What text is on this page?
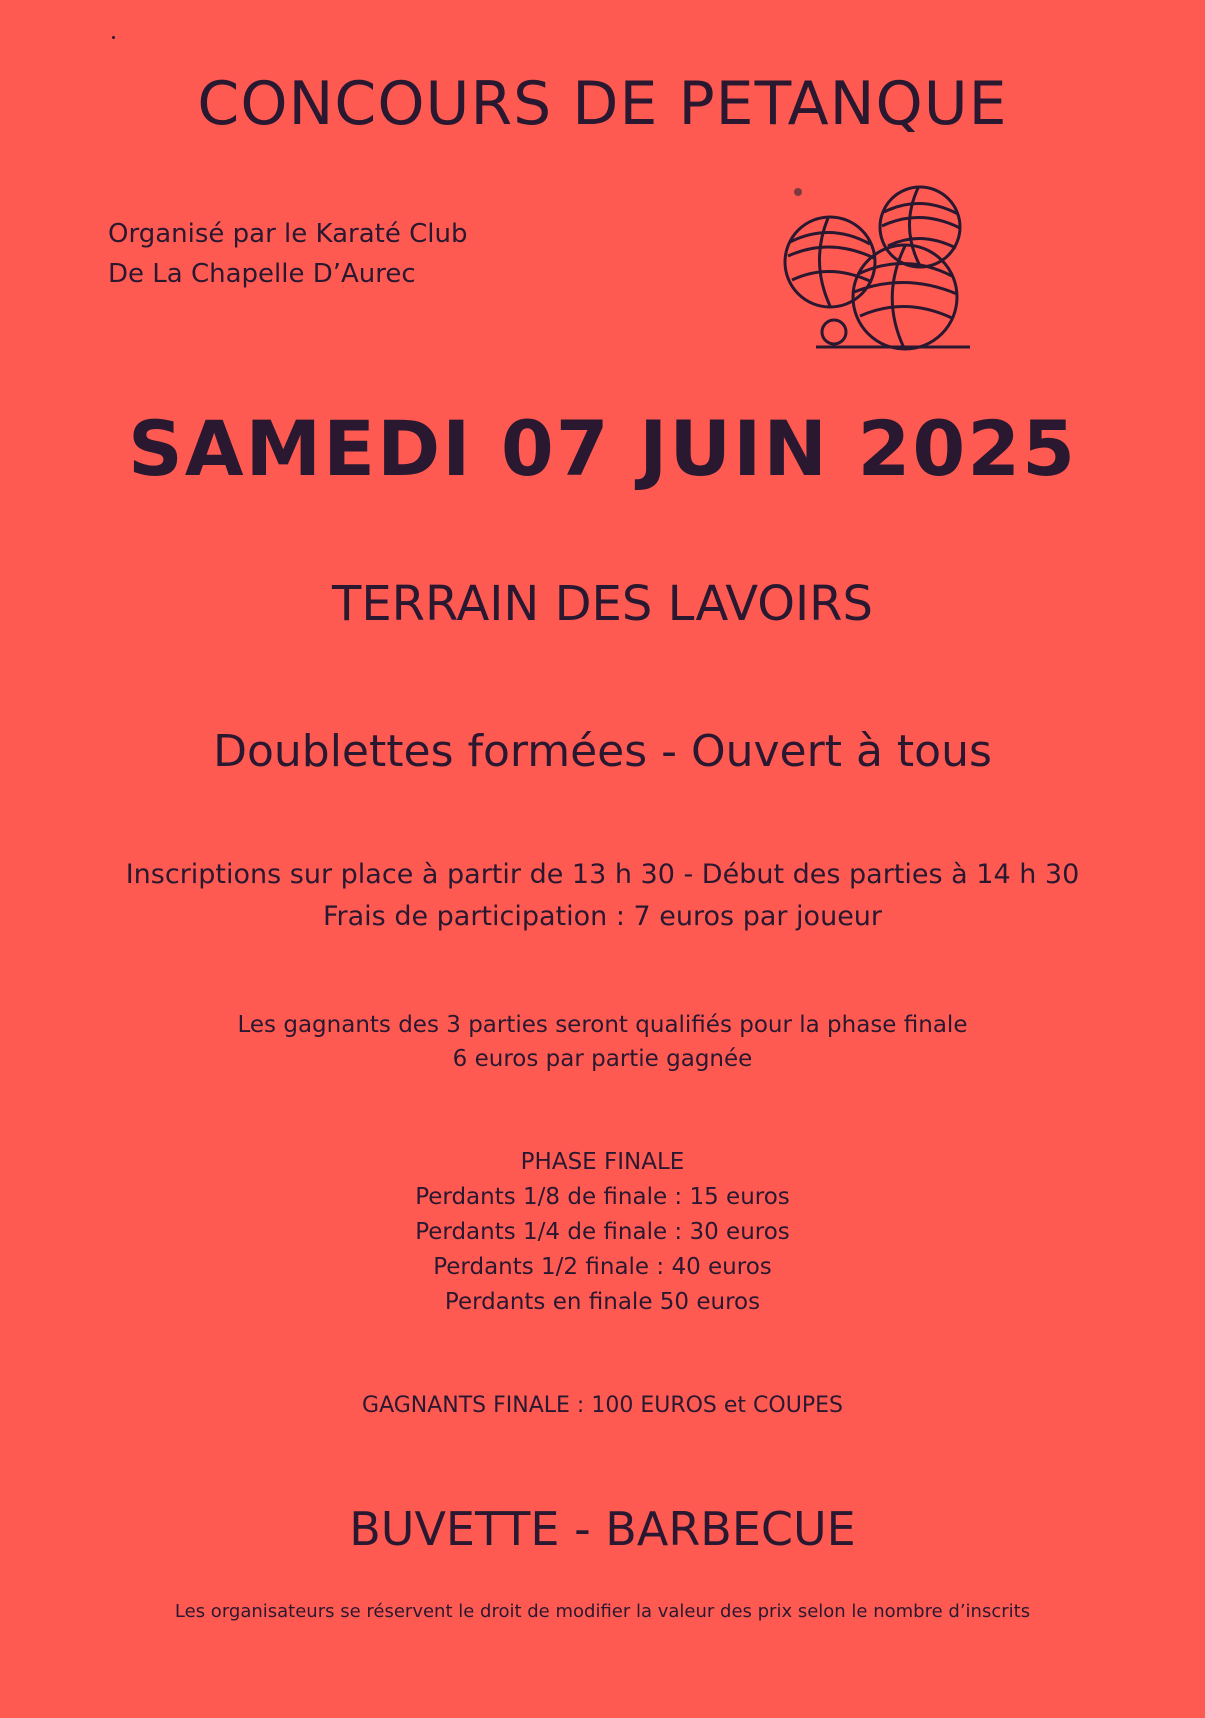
CONCOURS DE PETANQUE
Organisé par le Karaté Club
De La Chapelle D’Aurec
SAMEDI 07 JUIN 2025
TERRAIN DES LAVOIRS
Doublettes formées - Ouvert à tous
Inscriptions sur place à partir de 13 h 30 - Début des parties à 14 h 30
Frais de participation : 7 euros par joueur
Les gagnants des 3 parties seront qualifiés pour la phase finale
6 euros par partie gagnée
PHASE FINALE
Perdants 1/8 de finale : 15 euros
Perdants 1/4 de finale : 30 euros
Perdants 1/2 finale : 40 euros
Perdants en finale 50 euros
GAGNANTS FINALE : 100 EUROS et COUPES
BUVETTE - BARBECUE
Les organisateurs se réservent le droit de modifier la valeur des prix selon le nombre d’inscrits
